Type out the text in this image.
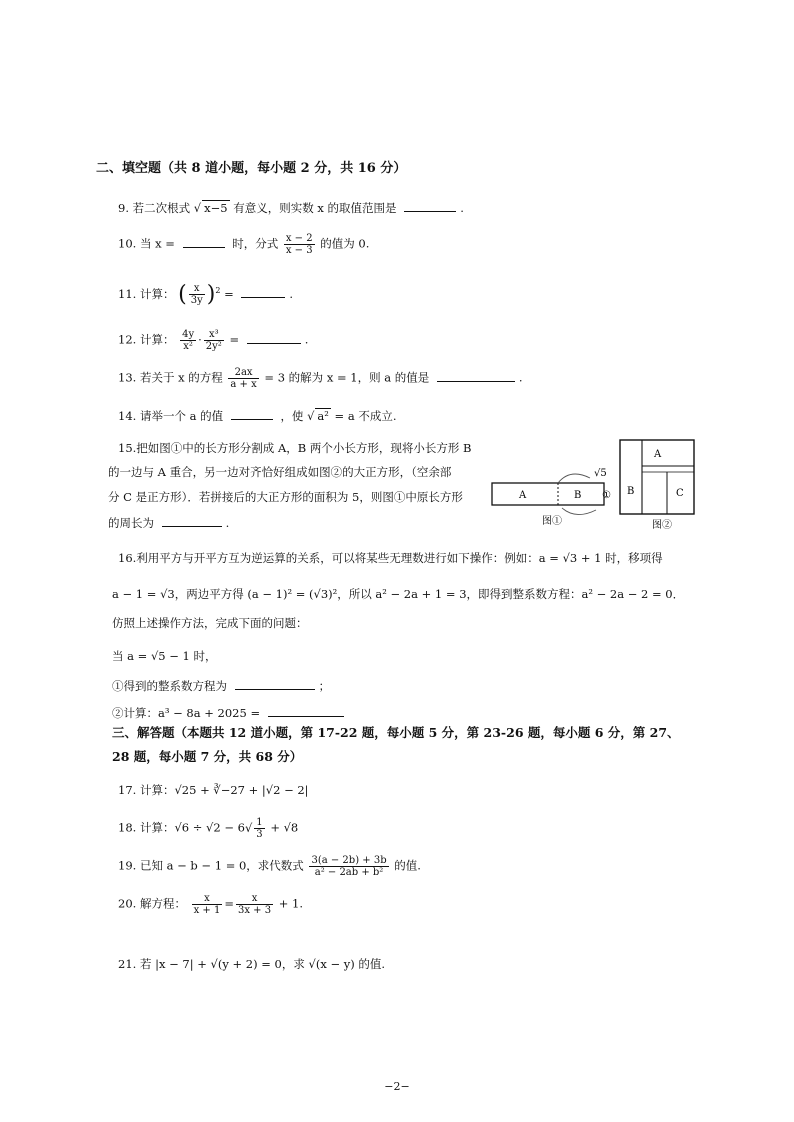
二、填空题（共 8 道小题，每小题 2 分，共 16 分）
9. 若二次根式 √ x−5 有意义，则实数 x 的取值范围是	.
10. 当 x =	时，分式 $\frac{x - 2}{x - 3}$ 的值为 0.
11. 计算： ( $\frac{x}{3y} )^2$ =	.
12. 计算： $\frac{4y}{\text{x²}} \cdot \frac{\text{x³}}{\text{2y²}}$ =	.
13. 若关于 x 的方程 $\frac{2ax}{a + x} = 3$ 的解为 x = 1，则 a 的值是	.
14. 请举一个 a 的值	，使 √ a² = a 不成立.
15.把如图①中的长方形分割成 A，B 两个小长方形，现将小长方形 B
的一边与 A 重合，另一边对齐恰好组成如图②的大正方形，（空余部
分 C 是正方形）．若拼接后的大正方形的面积为 5，则图①中原长方形
的周长为	.
A	B
√5
①
图①
A
B	C
图②
16.利用平方与开平方互为逆运算的关系，可以将某些无理数进行如下操作：例如：a = √3 + 1 时，移项得
a − 1 = √3，两边平方得 (a − 1)² = (√3)²，所以 a² − 2a + 1 = 3，即得到整系数方程：a² − 2a − 2 = 0．
仿照上述操作方法，完成下面的问题：
当 a = √5 − 1 时，
①得到的整系数方程为	；
②计算：a³ − 8a + 2025 =
三、解答题（本题共 12 道小题，第 17-22 题，每小题 5 分，第 23-26 题，每小题 6 分，第 27、
28 题，每小题 7 分，共 68 分）
17. 计算：√25 + ∛−27 + |√2 − 2|
18. 计算：$√6 \div √2 - 6√ \frac{1}{3} + √8$
19. 已知 a − b − 1 = 0，求代数式 $\frac{3(a - 2b) + 3b}{\text{a² − 2ab + b²}}$ 的值.
20. 解方程： $\frac{x}{x + 1} = \frac{x}{3x + 3} + 1$.
21. 若 |x − 7| + √(y + 2) = 0，求 √(x − y) 的值.
−2−
